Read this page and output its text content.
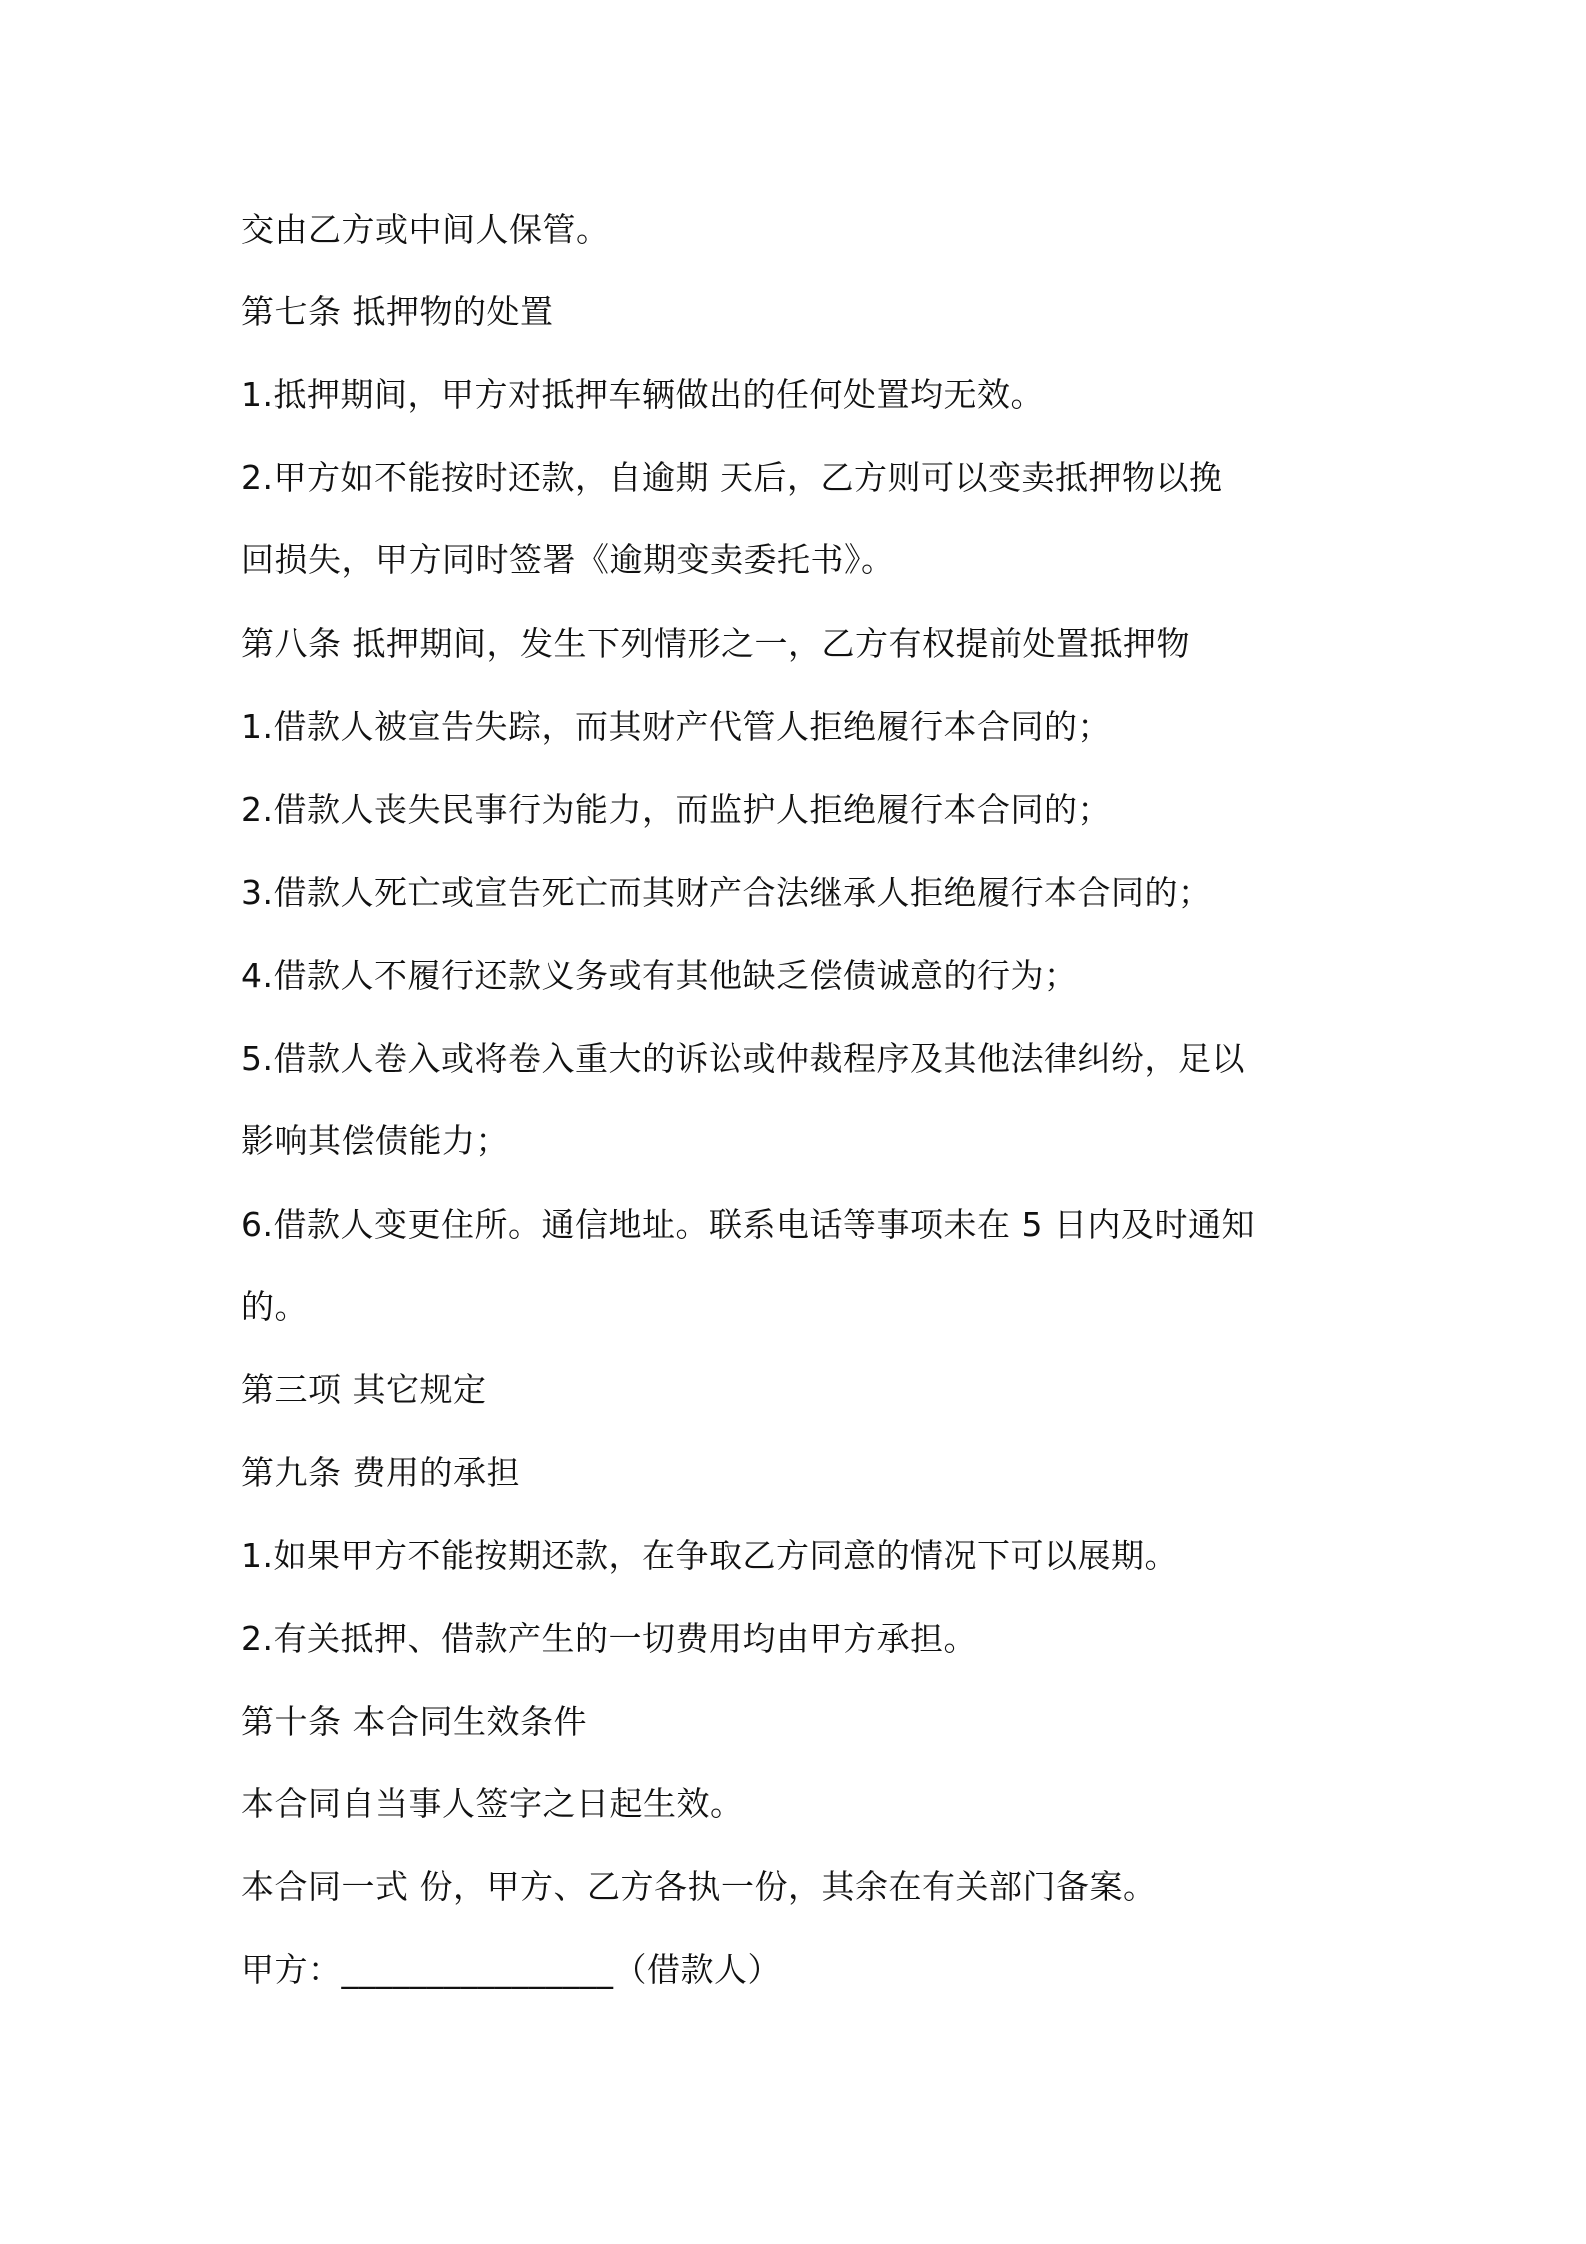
交由乙方或中间人保管。
第七条 抵押物的处置
1.抵押期间，甲方对抵押车辆做出的任何处置均无效。
2.甲方如不能按时还款，自逾期 天后，乙方则可以变卖抵押物以挽
回损失，甲方同时签署《逾期变卖委托书》。
第八条 抵押期间，发生下列情形之一，乙方有权提前处置抵押物
1.借款人被宣告失踪，而其财产代管人拒绝履行本合同的；
2.借款人丧失民事行为能力，而监护人拒绝履行本合同的；
3.借款人死亡或宣告死亡而其财产合法继承人拒绝履行本合同的；
4.借款人不履行还款义务或有其他缺乏偿债诚意的行为；
5.借款人卷入或将卷入重大的诉讼或仲裁程序及其他法律纠纷，足以
影响其偿债能力；
6.借款人变更住所。通信地址。联系电话等事项未在 5 日内及时通知
的。
第三项 其它规定
第九条 费用的承担
1.如果甲方不能按期还款，在争取乙方同意的情况下可以展期。
2.有关抵押、借款产生的一切费用均由甲方承担。
第十条 本合同生效条件
本合同自当事人签字之日起生效。
本合同一式 份，甲方、乙方各执一份，其余在有关部门备案。
甲方：________________（借款人）
